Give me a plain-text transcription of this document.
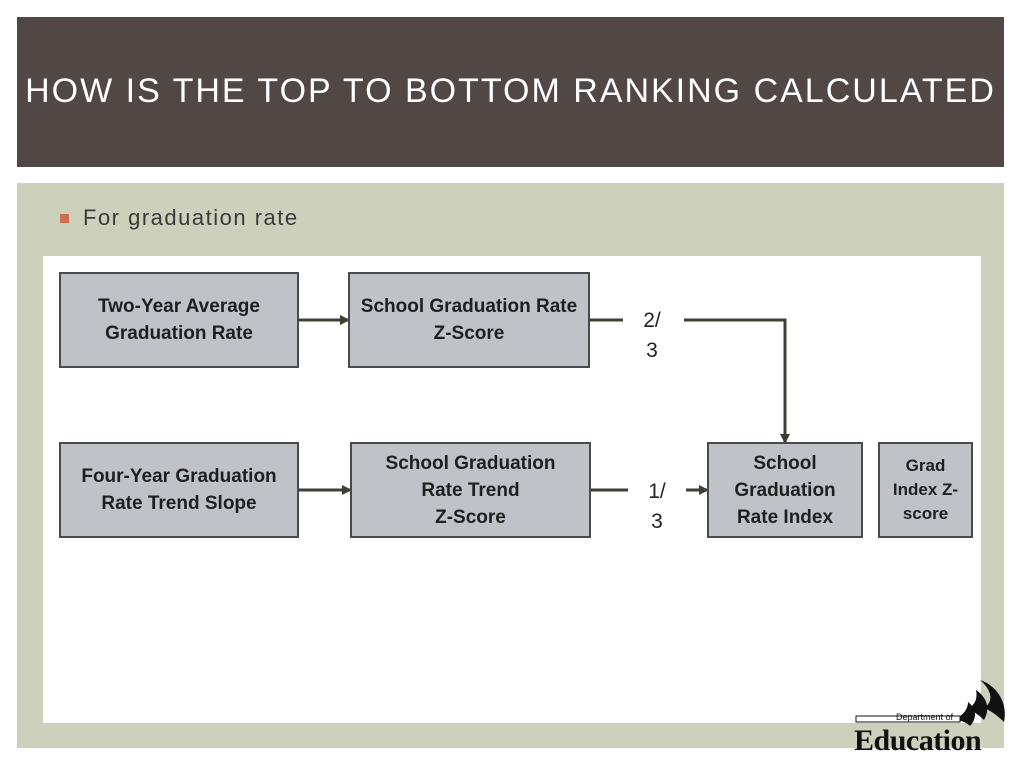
HOW IS THE TOP TO BOTTOM RANKING CALCULATED
For graduation rate
Two-Year Average Graduation Rate
School Graduation Rate Z-Score
Four-Year Graduation Rate Trend Slope
School Graduation
Rate Trend
Z-Score
School
Graduation
Rate Index
Grad Index Z-score
2/
3
1/
3
Department of
Education
